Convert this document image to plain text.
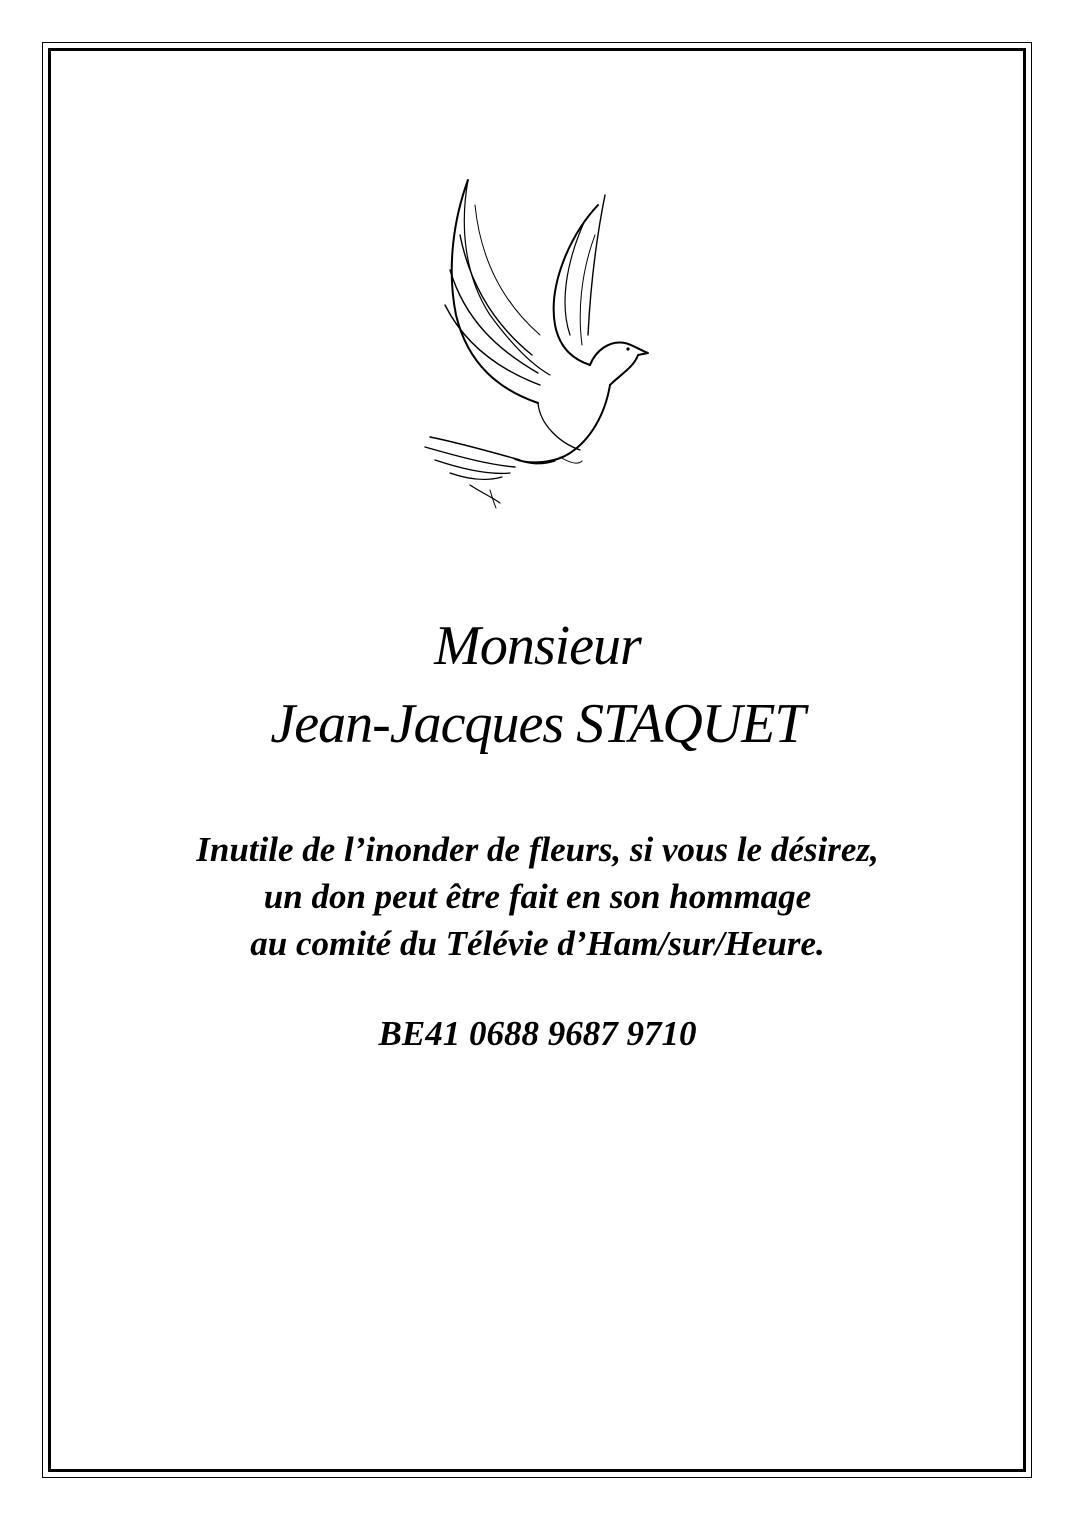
Monsieur

Jean-Jacques STAQUET

Inutile de l’inonder de fleurs, si vous le désirez,

un don peut être fait en son hommage

au comité du Télévie d’Ham/sur/Heure.

BE41 0688 9687 9710
